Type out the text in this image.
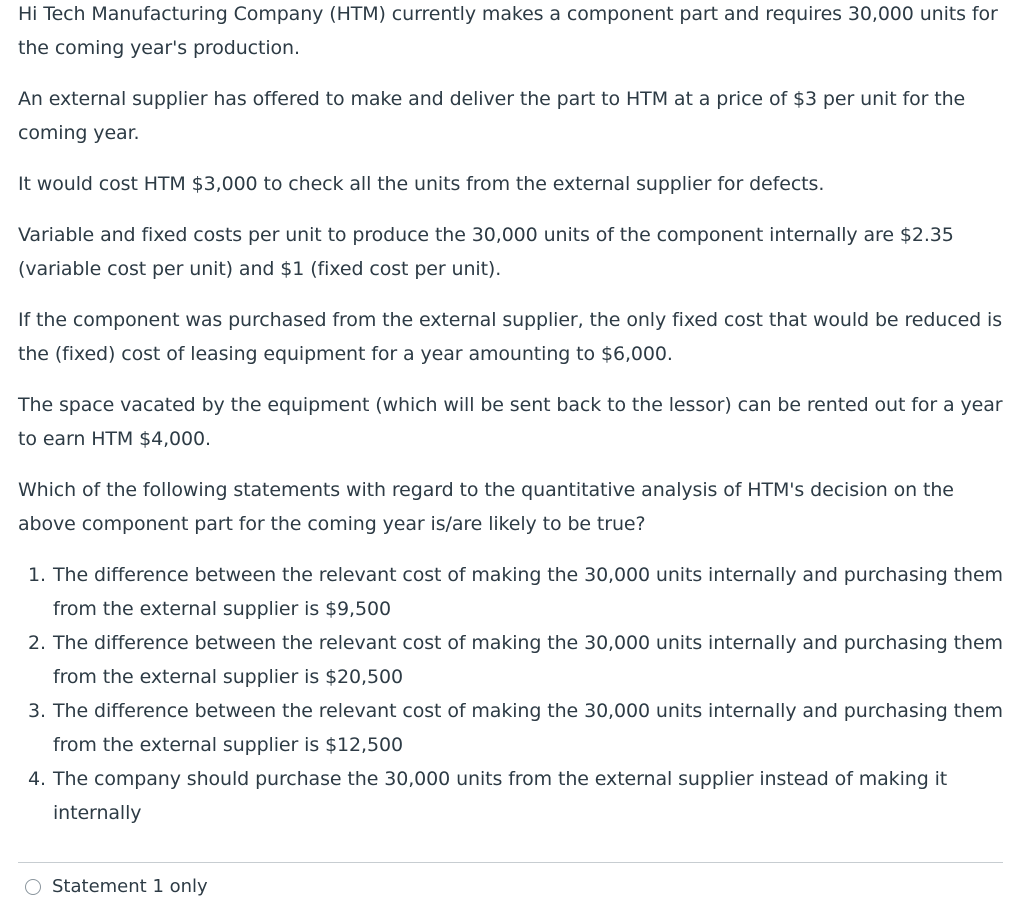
Hi Tech Manufacturing Company (HTM) currently makes a component part and requires 30,000 units for the coming year's production.

An external supplier has offered to make and deliver the part to HTM at a price of $3 per unit for the coming year.

It would cost HTM $3,000 to check all the units from the external supplier for defects.

Variable and fixed costs per unit to produce the 30,000 units of the component internally are $2.35 (variable cost per unit) and $1 (fixed cost per unit).

If the component was purchased from the external supplier, the only fixed cost that would be reduced is the (fixed) cost of leasing equipment for a year amounting to $6,000.

The space vacated by the equipment (which will be sent back to the lessor) can be rented out for a year to earn HTM $4,000.

Which of the following statements with regard to the quantitative analysis of HTM's decision on the above component part for the coming year is/are likely to be true?

1. The difference between the relevant cost of making the 30,000 units internally and purchasing them from the external supplier is $9,500
2. The difference between the relevant cost of making the 30,000 units internally and purchasing them from the external supplier is $20,500
3. The difference between the relevant cost of making the 30,000 units internally and purchasing them from the external supplier is $12,500
4. The company should purchase the 30,000 units from the external supplier instead of making it internally
Statement 1 only
